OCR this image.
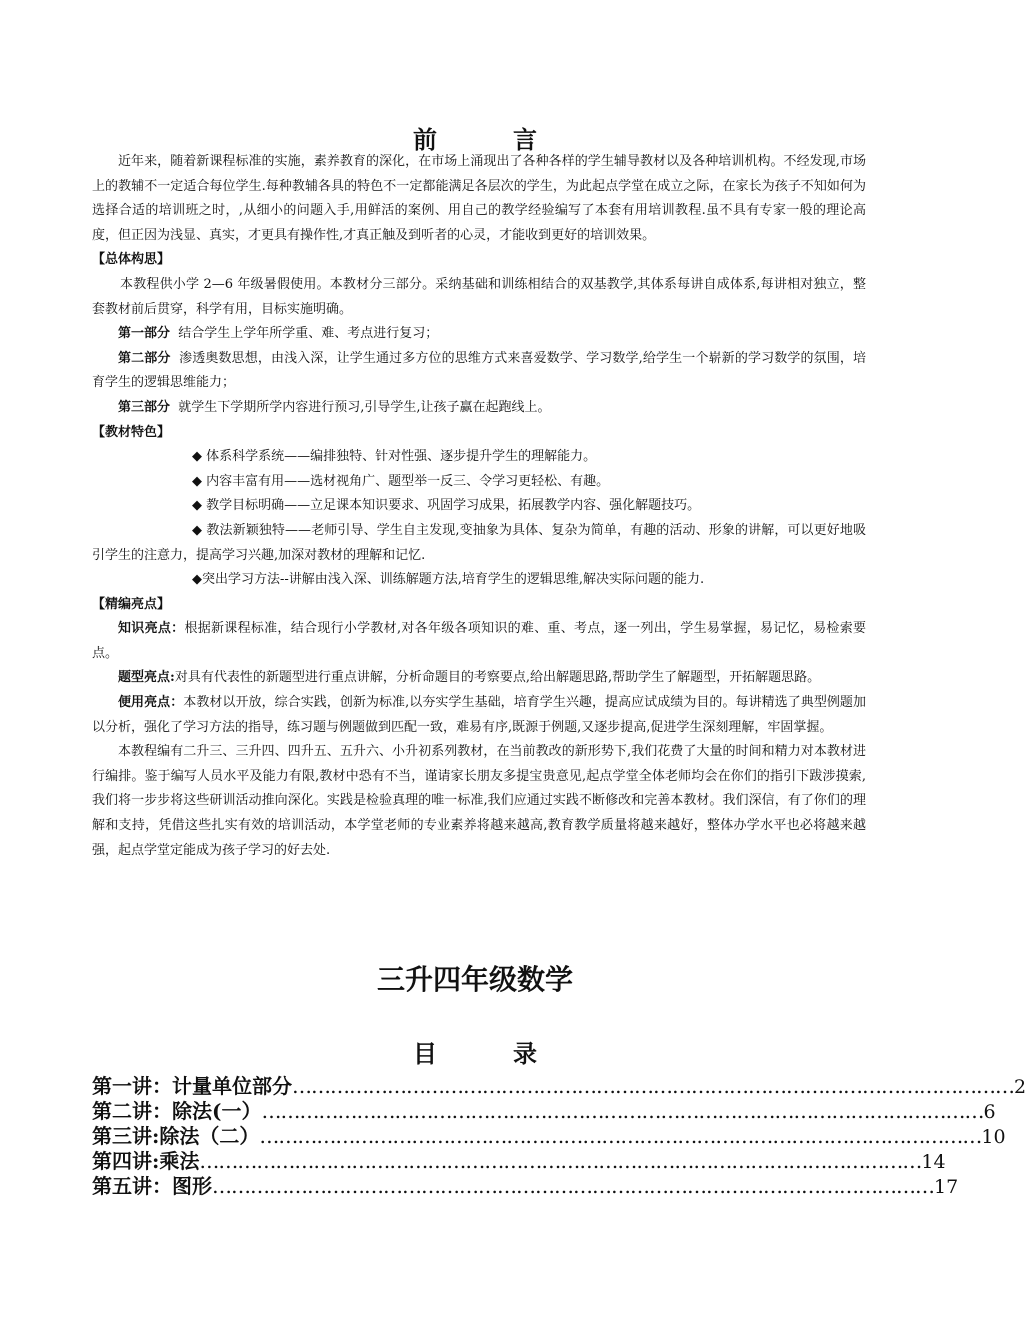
前　言

近年来，随着新课程标准的实施，素养教育的深化，在市场上涌现出了各种各样的学生辅导教材以及各种培训机构。不经发现,市场上的教辅不一定适合每位学生.每种教辅各具的特色不一定都能满足各层次的学生，为此起点学堂在成立之际，在家长为孩子不知如何为选择合适的培训班之时，,从细小的问题入手,用鲜活的案例、用自己的教学经验编写了本套有用培训教程.虽不具有专家一般的理论高度，但正因为浅显、真实，才更具有操作性,才真正触及到听者的心灵，才能收到更好的培训效果。

【总体构思】

本教程供小学 2—6 年级暑假使用。本教材分三部分。采纳基础和训练相结合的双基教学,其体系每讲自成体系,每讲相对独立，整套教材前后贯穿，科学有用，目标实施明确。

第一部分 结合学生上学年所学重、难、考点进行复习；

第二部分 渗透奥数思想，由浅入深，让学生通过多方位的思维方式来喜爱数学、学习数学,给学生一个崭新的学习数学的氛围，培育学生的逻辑思维能力；

第三部分 就学生下学期所学内容进行预习,引导学生,让孩子赢在起跑线上。

【教材特色】

◆ 体系科学系统——编排独特、针对性强、逐步提升学生的理解能力。

◆ 内容丰富有用——选材视角广、题型举一反三、令学习更轻松、有趣。

◆ 教学目标明确——立足课本知识要求、巩固学习成果，拓展教学内容、强化解题技巧。

◆ 教法新颖独特——老师引导、学生自主发现,变抽象为具体、复杂为简单，有趣的活动、形象的讲解，可以更好地吸引学生的注意力，提高学习兴趣,加深对教材的理解和记忆.

◆突出学习方法--讲解由浅入深、训练解题方法,培育学生的逻辑思维,解决实际问题的能力.

【精编亮点】

知识亮点：根据新课程标准，结合现行小学教材,对各年级各项知识的难、重、考点，逐一列出，学生易掌握，易记忆，易检索要点。

题型亮点:对具有代表性的新题型进行重点讲解，分析命题目的考察要点,给出解题思路,帮助学生了解题型，开拓解题思路。

便用亮点：本教材以开放，综合实践，创新为标准,以夯实学生基础，培育学生兴趣，提高应试成绩为目的。每讲精选了典型例题加以分析，强化了学习方法的指导，练习题与例题做到匹配一致，难易有序,既源于例题,又逐步提高,促进学生深刻理解，牢固掌握。

本教程编有二升三、三升四、四升五、五升六、小升初系列教材，在当前教改的新形势下,我们花费了大量的时间和精力对本教材进行编排。鉴于编写人员水平及能力有限,教材中恐有不当，谨请家长朋友多提宝贵意见,起点学堂全体老师均会在你们的指引下跋涉摸索,我们将一步步将这些研训活动推向深化。实践是检验真理的唯一标准,我们应通过实践不断修改和完善本教材。我们深信，有了你们的理解和支持，凭借这些扎实有效的培训活动，本学堂老师的专业素养将越来越高,教育教学质量将越来越好，整体办学水平也必将越来越强，起点学堂定能成为孩子学习的好去处.

三升四年级数学
目　录
第一讲：计量单位部分 …………………………………………………………………………………………………… 2
第二讲：除法(一） …………………………………………………………………………………………………… 6
第三讲:除法（二） …………………………………………………………………………………………………… 10
第四讲:乘法 …………………………………………………………………………………………………… 14
第五讲：图形 …………………………………………………………………………………………………… 17
